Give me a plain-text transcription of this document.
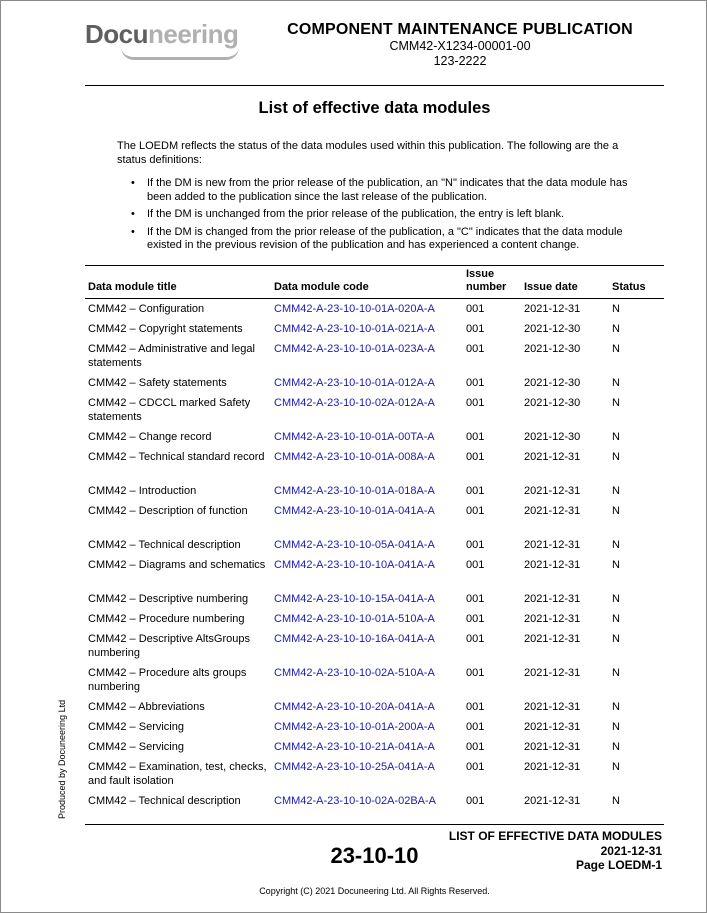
Docuneering	COMPONENT MAINTENANCE PUBLICATION
CMM42-X1234-00001-00
123-2222
List of effective data modules
The LOEDM reflects the status of the data modules used within this publication. The following are the a status definitions:
• If the DM is new from the prior release of the publication, an "N" indicates that the data module has been added to the publication since the last release of the publication.
• If the DM is unchanged from the prior release of the publication, the entry is left blank.
• If the DM is changed from the prior release of the publication, a "C" indicates that the data module existed in the previous revision of the publication and has experienced a content change.
Data module title	Data module code	Issue number	Issue date	Status
CMM42 – Configuration	CMM42-A-23-10-10-01A-020A-A	001	2021-12-31	N
CMM42 – Copyright statements	CMM42-A-23-10-10-01A-021A-A	001	2021-12-30	N
CMM42 – Administrative and legal statements	CMM42-A-23-10-10-01A-023A-A	001	2021-12-30	N
CMM42 – Safety statements	CMM42-A-23-10-10-01A-012A-A	001	2021-12-30	N
CMM42 – CDCCL marked Safety statements	CMM42-A-23-10-10-02A-012A-A	001	2021-12-30	N
CMM42 – Change record	CMM42-A-23-10-10-01A-00TA-A	001	2021-12-30	N
CMM42 – Technical standard record	CMM42-A-23-10-10-01A-008A-A	001	2021-12-31	N
CMM42 – Introduction	CMM42-A-23-10-10-01A-018A-A	001	2021-12-31	N
CMM42 – Description of function	CMM42-A-23-10-10-01A-041A-A	001	2021-12-31	N
CMM42 – Technical description	CMM42-A-23-10-10-05A-041A-A	001	2021-12-31	N
CMM42 – Diagrams and schematics	CMM42-A-23-10-10-10A-041A-A	001	2021-12-31	N
CMM42 – Descriptive numbering	CMM42-A-23-10-10-15A-041A-A	001	2021-12-31	N
CMM42 – Procedure numbering	CMM42-A-23-10-10-01A-510A-A	001	2021-12-31	N
CMM42 – Descriptive AltsGroups numbering	CMM42-A-23-10-10-16A-041A-A	001	2021-12-31	N
CMM42 – Procedure alts groups numbering	CMM42-A-23-10-10-02A-510A-A	001	2021-12-31	N
CMM42 – Abbreviations	CMM42-A-23-10-10-20A-041A-A	001	2021-12-31	N
CMM42 – Servicing	CMM42-A-23-10-10-01A-200A-A	001	2021-12-31	N
CMM42 – Servicing	CMM42-A-23-10-10-21A-041A-A	001	2021-12-31	N
CMM42 – Examination, test, checks, and fault isolation	CMM42-A-23-10-10-25A-041A-A	001	2021-12-31	N
CMM42 – Technical description	CMM42-A-23-10-10-02A-02BA-A	001	2021-12-31	N
Produced by Docuneering Ltd
23-10-10
LIST OF EFFECTIVE DATA MODULES
2021-12-31
Page LOEDM-1
Copyright (C) 2021 Docuneering Ltd. All Rights Reserved.
